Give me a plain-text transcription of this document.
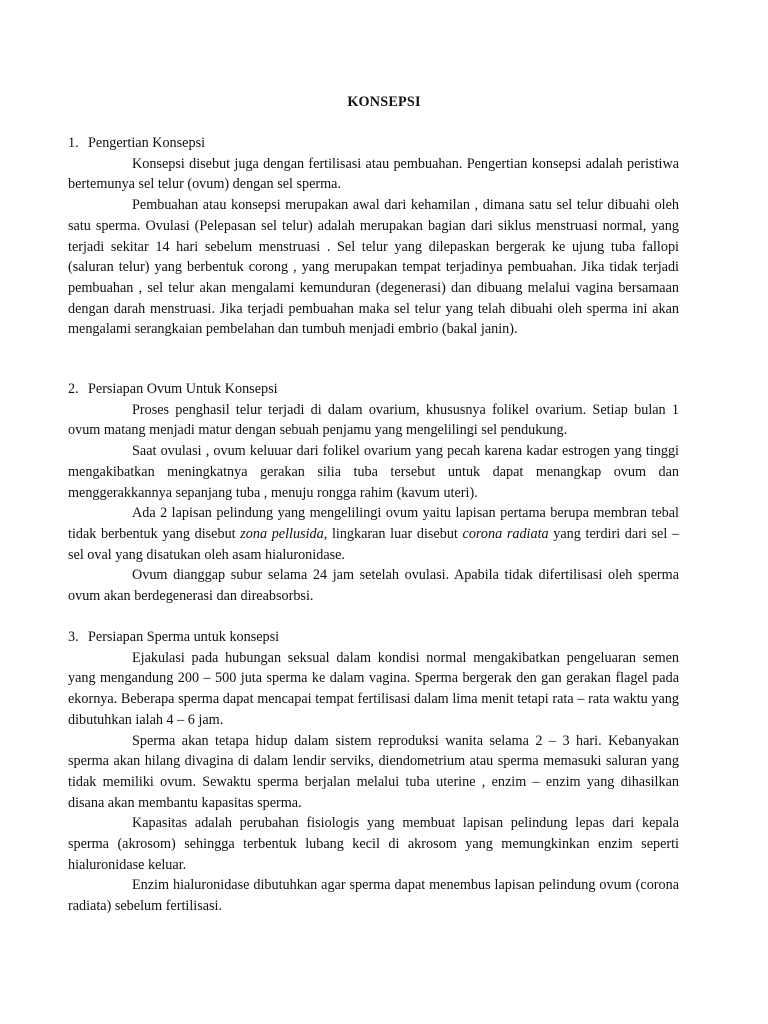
KONSEPSI
1. Pengertian Konsepsi

Konsepsi disebut juga dengan fertilisasi atau pembuahan. Pengertian konsepsi adalah peristiwa bertemunya sel telur (ovum) dengan sel sperma.

Pembuahan atau konsepsi merupakan awal dari kehamilan , dimana satu sel telur dibuahi oleh satu sperma. Ovulasi (Pelepasan sel telur) adalah merupakan bagian dari siklus menstruasi normal, yang terjadi sekitar 14 hari sebelum menstruasi . Sel telur yang dilepaskan bergerak ke ujung tuba fallopi (saluran telur) yang berbentuk corong , yang merupakan tempat terjadinya pembuahan. Jika tidak terjadi pembuahan , sel telur akan mengalami kemunduran (degenerasi) dan dibuang melalui vagina bersamaan dengan darah menstruasi. Jika terjadi pembuahan maka sel telur yang telah dibuahi oleh sperma ini akan mengalami serangkaian pembelahan dan tumbuh menjadi embrio (bakal janin).

2. Persiapan Ovum Untuk Konsepsi

Proses penghasil telur terjadi di dalam ovarium, khususnya folikel ovarium. Setiap bulan 1 ovum matang menjadi matur dengan sebuah penjamu yang mengelilingi sel pendukung.

Saat ovulasi , ovum keluuar dari folikel ovarium yang pecah karena kadar estrogen yang tinggi mengakibatkan meningkatnya gerakan silia tuba tersebut untuk dapat menangkap ovum dan menggerakkannya sepanjang tuba , menuju rongga rahim (kavum uteri).

Ada 2 lapisan pelindung yang mengelilingi ovum yaitu lapisan pertama berupa membran tebal tidak berbentuk yang disebut zona pellusida, lingkaran luar disebut corona radiata yang terdiri dari sel – sel oval yang disatukan oleh asam hialuronidase.

Ovum dianggap subur selama 24 jam setelah ovulasi. Apabila tidak difertilisasi oleh sperma ovum akan berdegenerasi dan direabsorbsi.

3. Persiapan Sperma untuk konsepsi

Ejakulasi pada hubungan seksual dalam kondisi normal mengakibatkan pengeluaran semen yang mengandung 200 – 500 juta sperma ke dalam vagina. Sperma bergerak den gan gerakan flagel pada ekornya. Beberapa sperma dapat mencapai tempat fertilisasi dalam lima menit tetapi rata – rata waktu yang dibutuhkan ialah 4 – 6 jam.

Sperma akan tetapa hidup dalam sistem reproduksi wanita selama 2 – 3 hari. Kebanyakan sperma akan hilang divagina di dalam lendir serviks, diendometrium atau sperma memasuki saluran yang tidak memiliki ovum. Sewaktu sperma berjalan melalui tuba uterine , enzim – enzim yang dihasilkan disana akan membantu kapasitas sperma.

Kapasitas adalah perubahan fisiologis yang membuat lapisan pelindung lepas dari kepala sperma (akrosom) sehingga terbentuk lubang kecil di akrosom yang memungkinkan enzim seperti hialuronidase keluar.

Enzim hialuronidase dibutuhkan agar sperma dapat menembus lapisan pelindung ovum (corona radiata) sebelum fertilisasi.
